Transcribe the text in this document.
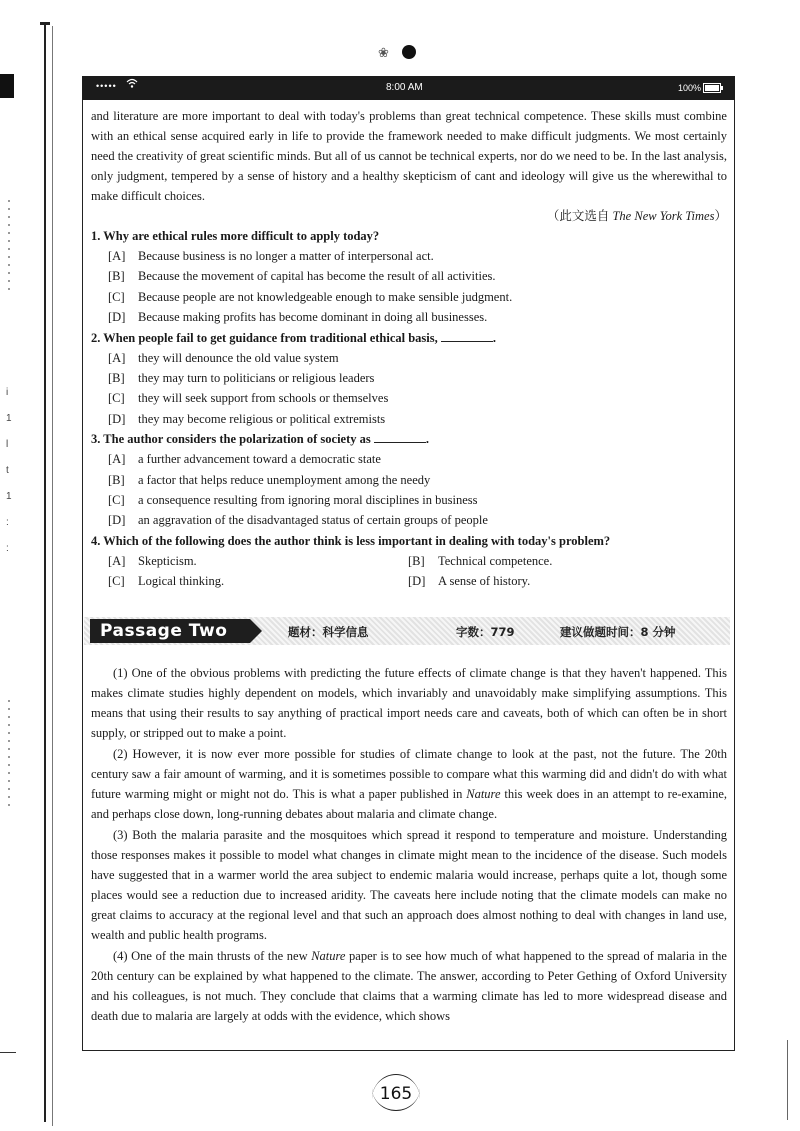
i
1
l
t
1
:
:
❀
•••••	8:00 AM	100%

and literature are more important to deal with today's problems than great technical competence. These skills must combine with an ethical sense acquired early in life to provide the framework needed to make difficult judgments. We most certainly need the creativity of great scientific minds. But all of us cannot be technical experts, nor do we need to be. In the last analysis, only judgment, tempered by a sense of history and a healthy skepticism of cant and ideology will give us the wherewithal to make difficult choices.

（此文选自 The New York Times）

1. Why are ethical rules more difficult to apply today?

[A] Because business is no longer a matter of interpersonal act.

[B] Because the movement of capital has become the result of all activities.

[C] Because people are not knowledgeable enough to make sensible judgment.

[D] Because making profits has become dominant in doing all businesses.

2. When people fail to get guidance from traditional ethical basis,	.

[A] they will denounce the old value system

[B] they may turn to politicians or religious leaders

[C] they will seek support from schools or themselves

[D] they may become religious or political extremists

3. The author considers the polarization of society as	.

[A] a further advancement toward a democratic state

[B] a factor that helps reduce unemployment among the needy

[C] a consequence resulting from ignoring moral disciplines in business

[D] an aggravation of the disadvantaged status of certain groups of people

4. Which of the following does the author think is less important in dealing with today's problem?

[A] Skepticism.	[B] Technical competence.

[C] Logical thinking.	[D] A sense of history.

Passage Two	题材：科学信息	字数：779	建议做题时间：8 分钟

(1) One of the obvious problems with predicting the future effects of climate change is that they haven't happened. This makes climate studies highly dependent on models, which invariably and unavoidably make simplifying assumptions. This means that using their results to say anything of practical import needs care and caveats, both of which can often be in short supply, or stripped out to make a point.

(2) However, it is now ever more possible for studies of climate change to look at the past, not the future. The 20th century saw a fair amount of warming, and it is sometimes possible to compare what this warming did and didn't do with what future warming might or might not do. This is what a paper published in Nature this week does in an attempt to re-examine, and perhaps close down, long-running debates about malaria and climate change.

(3) Both the malaria parasite and the mosquitoes which spread it respond to temperature and moisture. Understanding those responses makes it possible to model what changes in climate might mean to the incidence of the disease. Such models have suggested that in a warmer world the area subject to endemic malaria would increase, perhaps quite a lot, though some places would see a reduction due to increased aridity. The caveats here include noting that the climate models can make no great claims to accuracy at the regional level and that such an approach does almost nothing to deal with changes in land use, wealth and public health programs.

(4) One of the main thrusts of the new Nature paper is to see how much of what happened to the spread of malaria in the 20th century can be explained by what happened to the climate. The answer, according to Peter Gething of Oxford University and his colleagues, is not much. They conclude that claims that a warming climate has led to more widespread disease and death due to malaria are largely at odds with the evidence, which shows

165
